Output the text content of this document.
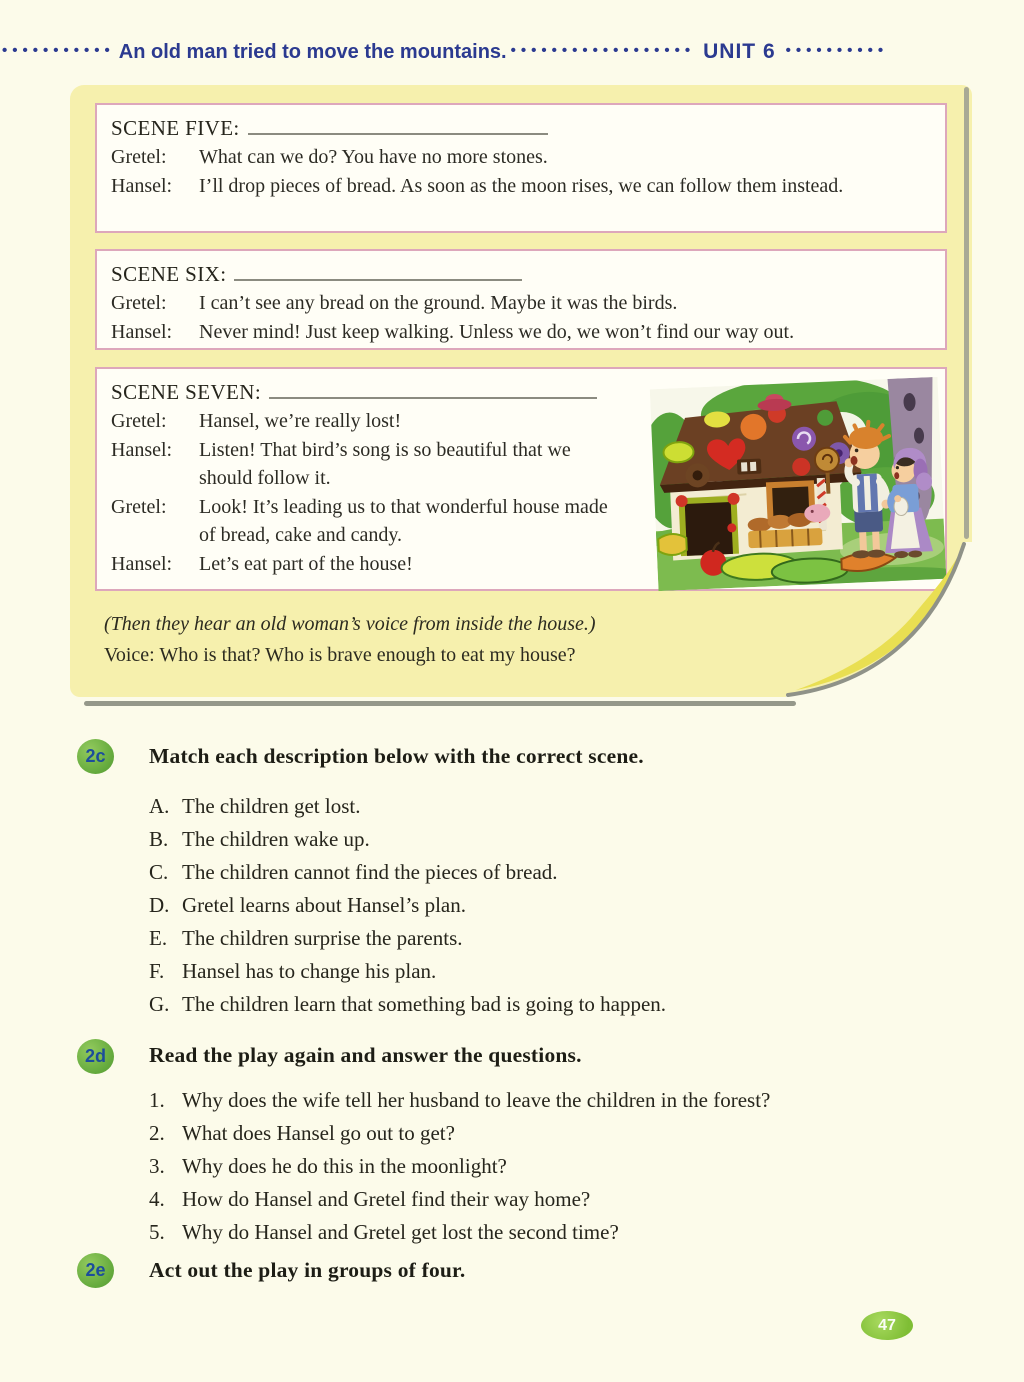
••••••••••• An old man tried to move the mountains. •••••••••••••••••• UNIT 6 ••••••••••
SCENE FIVE:
Gretel:	What can we do? You have no more stones.
Hansel:	I’ll drop pieces of bread. As soon as the moon rises, we can follow them instead.
SCENE SIX:
Gretel:	I can’t see any bread on the ground. Maybe it was the birds.
Hansel:	Never mind! Just keep walking. Unless we do, we won’t find our way out.
SCENE SEVEN:
Gretel:	Hansel, we’re really lost!
Hansel:	Listen! That bird’s song is so beautiful that we should follow it.
Gretel:	Look! It’s leading us to that wonderful house made of bread, cake and candy.
Hansel:	Let’s eat part of the house!
(Then they hear an old woman’s voice from inside the house.)
Voice: Who is that? Who is brave enough to eat my house?
2c	Match each description below with the correct scene.
A. The children get lost.
B. The children wake up.
C. The children cannot find the pieces of bread.
D. Gretel learns about Hansel’s plan.
E. The children surprise the parents.
F. Hansel has to change his plan.
G. The children learn that something bad is going to happen.
2d	Read the play again and answer the questions.
1. Why does the wife tell her husband to leave the children in the forest?
2. What does Hansel go out to get?
3. Why does he do this in the moonlight?
4. How do Hansel and Gretel find their way home?
5. Why do Hansel and Gretel get lost the second time?
2e	Act out the play in groups of four.
47
